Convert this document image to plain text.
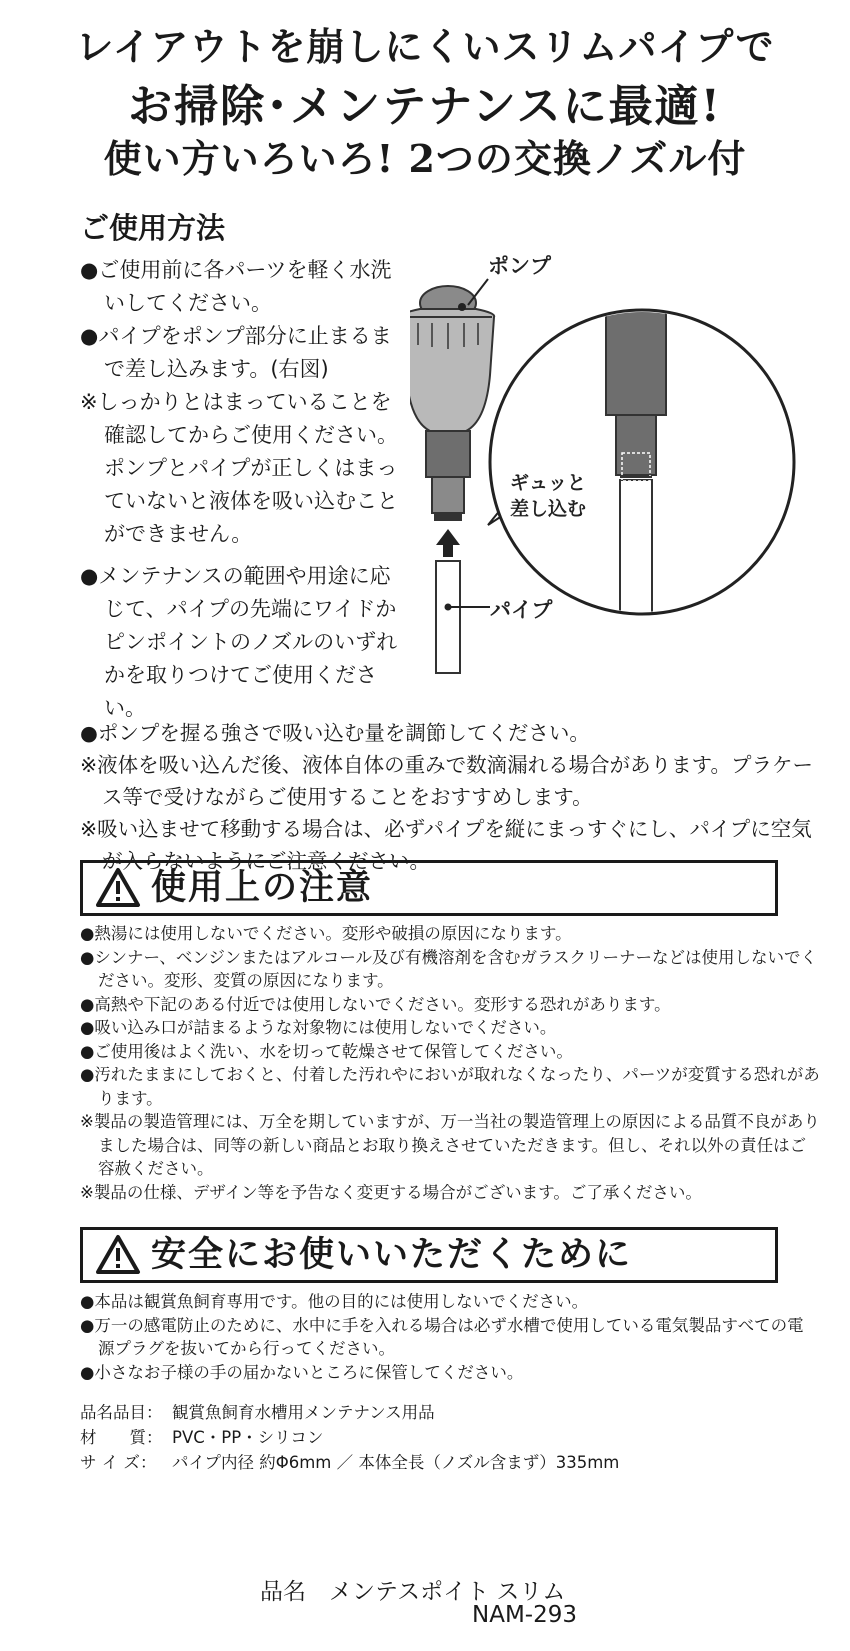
レイアウトを崩しにくいスリムパイプで
お掃除･メンテナンスに最適!
使い方いろいろ! 2つの交換ノズル付
ご使用方法
●ご使用前に各パーツを軽く水洗いしてください。
●パイプをポンプ部分に止まるまで差し込みます。(右図)
※しっかりとはまっていることを確認してからご使用ください。ポンプとパイプが正しくはまっていないと液体を吸い込むことができません。
●メンテナンスの範囲や用途に応じて、パイプの先端にワイドかピンポイントのノズルのいずれかを取りつけてご使用ください。
●ポンプを握る強さで吸い込む量を調節してください。
※液体を吸い込んだ後、液体自体の重みで数滴漏れる場合があります。プラケース等で受けながらご使用することをおすすめします。
※吸い込ませて移動する場合は、必ずパイプを縦にまっすぐにし、パイプに空気が入らないようにご注意ください。
ポンプ
パイプ
ギュッと
差し込む
使用上の注意
●熱湯には使用しないでください。変形や破損の原因になります。
●シンナー、ベンジンまたはアルコール及び有機溶剤を含むガラスクリーナーなどは使用しないでください。変形、変質の原因になります。
●高熱や下記のある付近では使用しないでください。変形する恐れがあります。
●吸い込み口が詰まるような対象物には使用しないでください。
●ご使用後はよく洗い、水を切って乾燥させて保管してください。
●汚れたままにしておくと、付着した汚れやにおいが取れなくなったり、パーツが変質する恐れがあります。
※製品の製造管理には、万全を期していますが、万一当社の製造管理上の原因による品質不良がありました場合は、同等の新しい商品とお取り換えさせていただきます。但し、それ以外の責任はご容赦ください。
※製品の仕様、デザイン等を予告なく変更する場合がございます。ご了承ください。
安全にお使いいただくために
●本品は観賞魚飼育専用です。他の目的には使用しないでください。
●万一の感電防止のために、水中に手を入れる場合は必ず水槽で使用している電気製品すべての電源プラグを抜いてから行ってください。
●小さなお子様の手の届かないところに保管してください。

品名品目： 観賞魚飼育水槽用メンテナンス用品

材　　質： PVC・PP・シリコン

サ イ ズ： パイプ内径 約Φ6mm ／ 本体全長（ノズル含まず）335mm

品名　メンテスポイト スリム

NAM-293
